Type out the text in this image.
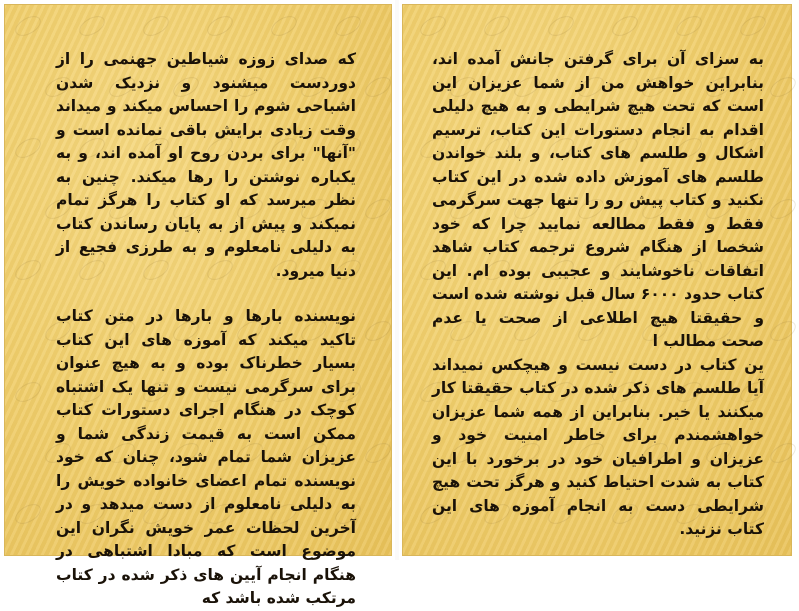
که صدای زوزه شیاطین جهنمی را از دوردست میشنود و نزدیک شدن اشباحی شوم را احساس میکند و میداند وقت زیادی برایش باقی نمانده است و "آنها" برای بردن روح او آمده اند، و به یکباره نوشتن را رها میکند. چنین به نظر میرسد که او کتاب را هرگز تمام نمیکند و پیش از به پایان رساندن کتاب به دلیلی نامعلوم و به طرزی فجیع از دنیا میرود.

نویسنده بارها و بارها در متن کتاب تاکید میکند که آموزه های این کتاب بسیار خطرناک بوده و به هیچ عنوان برای سرگرمی نیست و تنها یک اشتباه کوچک در هنگام اجرای دستورات کتاب ممکن است به قیمت زندگی شما و عزیزان شما تمام شود، چنان که خود نویسنده تمام اعضای خانواده خویش را به دلیلی نامعلوم از دست میدهد و در آخرین لحظات عمر خویش نگران این موضوع است که مبادا اشتباهی در هنگام انجام آیین های ذکر شده در کتاب مرتکب شده باشد که

به سزای آن برای گرفتن جانش آمده اند، بنابراین خواهش من از شما عزیزان این است که تحت هیچ شرایطی و به هیچ دلیلی اقدام به انجام دستورات این کتاب، ترسیم اشکال و طلسم های کتاب، و بلند خواندن طلسم های آموزش داده شده در این کتاب نکنید و کتاب پیش رو را تنها جهت سرگرمی فقط و فقط مطالعه نمایید چرا که خود شخصا از هنگام شروع ترجمه کتاب شاهد اتفاقات ناخوشایند و عجیبی بوده ام. این کتاب حدود ۶۰۰۰ سال قبل نوشته شده است و حقیقتا هیچ اطلاعی از صحت یا عدم صحت مطالب ا

ین کتاب در دست نیست و هیچکس نمیداند آیا طلسم های ذکر شده در کتاب حقیقتا کار میکنند یا خیر. بنابراین از همه شما عزیزان خواهشمندم برای خاطر امنیت خود و عزیزان و اطرافیان خود در برخورد با این کتاب به شدت احتیاط کنید و هرگز تحت هیچ شرایطی دست به انجام آموزه های این کتاب نزنید.
